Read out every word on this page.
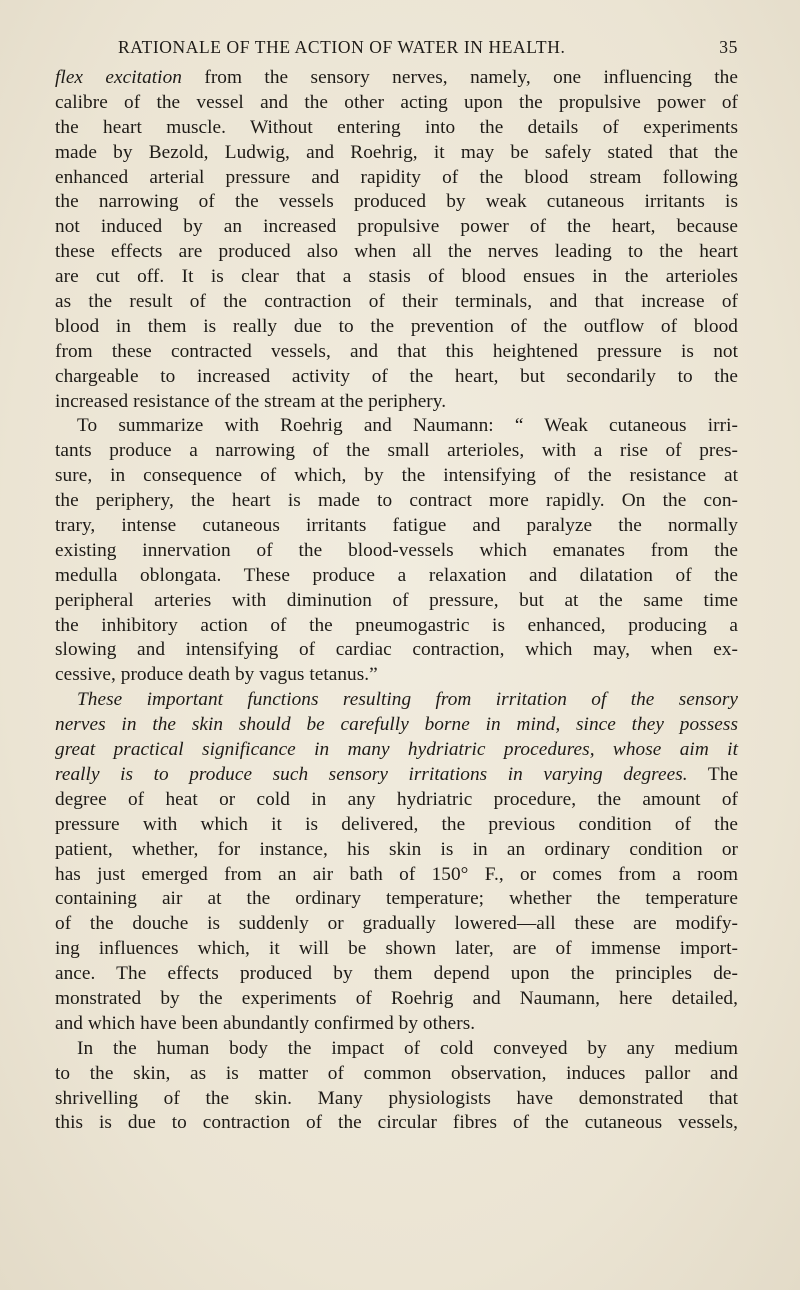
RATIONALE OF THE ACTION OF WATER IN HEALTH.	35
flex excitation from the sensory nerves, namely, one influencing the
calibre of the vessel and the other acting upon the propulsive power of
the heart muscle. Without entering into the details of experiments
made by Bezold, Ludwig, and Roehrig, it may be safely stated that the
enhanced arterial pressure and rapidity of the blood stream following
the narrowing of the vessels produced by weak cutaneous irritants is
not induced by an increased propulsive power of the heart, because
these effects are produced also when all the nerves leading to the heart
are cut off. It is clear that a stasis of blood ensues in the arterioles
as the result of the contraction of their terminals, and that increase of
blood in them is really due to the prevention of the outflow of blood
from these contracted vessels, and that this heightened pressure is not
chargeable to increased activity of the heart, but secondarily to the
increased resistance of the stream at the periphery.
To summarize with Roehrig and Naumann: “ Weak cutaneous irri-
tants produce a narrowing of the small arterioles, with a rise of pres-
sure, in consequence of which, by the intensifying of the resistance at
the periphery, the heart is made to contract more rapidly. On the con-
trary, intense cutaneous irritants fatigue and paralyze the normally
existing innervation of the blood-vessels which emanates from the
medulla oblongata. These produce a relaxation and dilatation of the
peripheral arteries with diminution of pressure, but at the same time
the inhibitory action of the pneumogastric is enhanced, producing a
slowing and intensifying of cardiac contraction, which may, when ex-
cessive, produce death by vagus tetanus.”
These important functions resulting from irritation of the sensory
nerves in the skin should be carefully borne in mind, since they possess
great practical significance in many hydriatric procedures, whose aim it
really is to produce such sensory irritations in varying degrees. The
degree of heat or cold in any hydriatric procedure, the amount of
pressure with which it is delivered, the previous condition of the
patient, whether, for instance, his skin is in an ordinary condition or
has just emerged from an air bath of 150° F., or comes from a room
containing air at the ordinary temperature; whether the temperature
of the douche is suddenly or gradually lowered—all these are modify-
ing influences which, it will be shown later, are of immense import-
ance. The effects produced by them depend upon the principles de-
monstrated by the experiments of Roehrig and Naumann, here detailed,
and which have been abundantly confirmed by others.
In the human body the impact of cold conveyed by any medium
to the skin, as is matter of common observation, induces pallor and
shrivelling of the skin. Many physiologists have demonstrated that
this is due to contraction of the circular fibres of the cutaneous vessels,
